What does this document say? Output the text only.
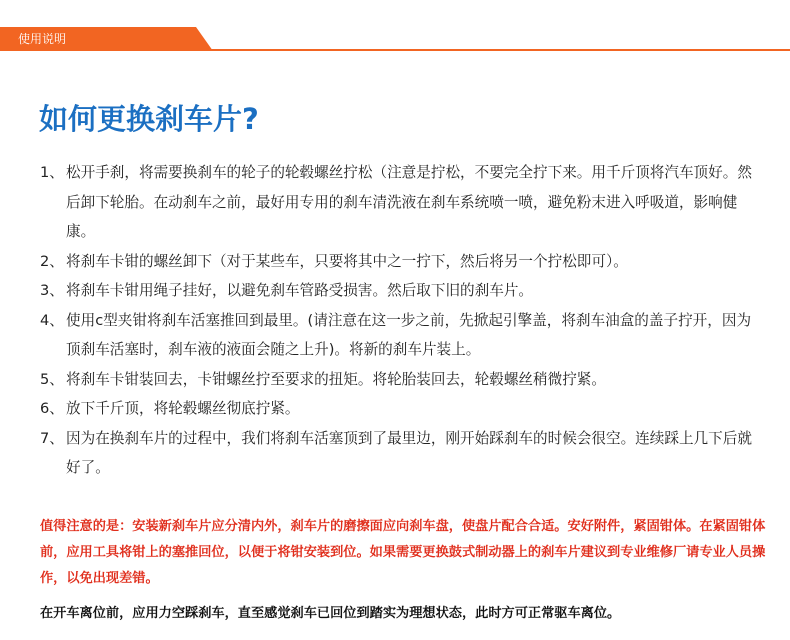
使用说明
如何更换刹车片?
1、 松开手刹，将需要换刹车的轮子的轮毂螺丝拧松（注意是拧松，不要完全拧下来。用千斤顶将汽车顶好。然后卸下轮胎。在动刹车之前，最好用专用的刹车清洗液在刹车系统喷一喷，避免粉末进入呼吸道，影响健康。
2、 将刹车卡钳的螺丝卸下（对于某些车，只要将其中之一拧下，然后将另一个拧松即可）。
3、 将刹车卡钳用绳子挂好，以避免刹车管路受损害。然后取下旧的刹车片。
4、 使用c型夹钳将刹车活塞推回到最里。(请注意在这一步之前，先掀起引擎盖，将刹车油盒的盖子拧开，因为顶刹车活塞时，刹车液的液面会随之上升)。将新的刹车片装上。
5、 将刹车卡钳装回去，卡钳螺丝拧至要求的扭矩。将轮胎装回去，轮毂螺丝稍微拧紧。
6、 放下千斤顶，将轮毂螺丝彻底拧紧。
7、 因为在换刹车片的过程中，我们将刹车活塞顶到了最里边，刚开始踩刹车的时候会很空。连续踩上几下后就好了。

值得注意的是：安装新刹车片应分清内外，刹车片的磨擦面应向刹车盘，使盘片配合合适。安好附件，紧固钳体。在紧固钳体前，应用工具将钳上的塞推回位，以便于将钳安装到位。如果需要更换鼓式制动器上的刹车片建议到专业维修厂请专业人员操作，以免出现差错。

在开车离位前，应用力空踩刹车，直至感觉刹车已回位到踏实为理想状态，此时方可正常驱车离位。
